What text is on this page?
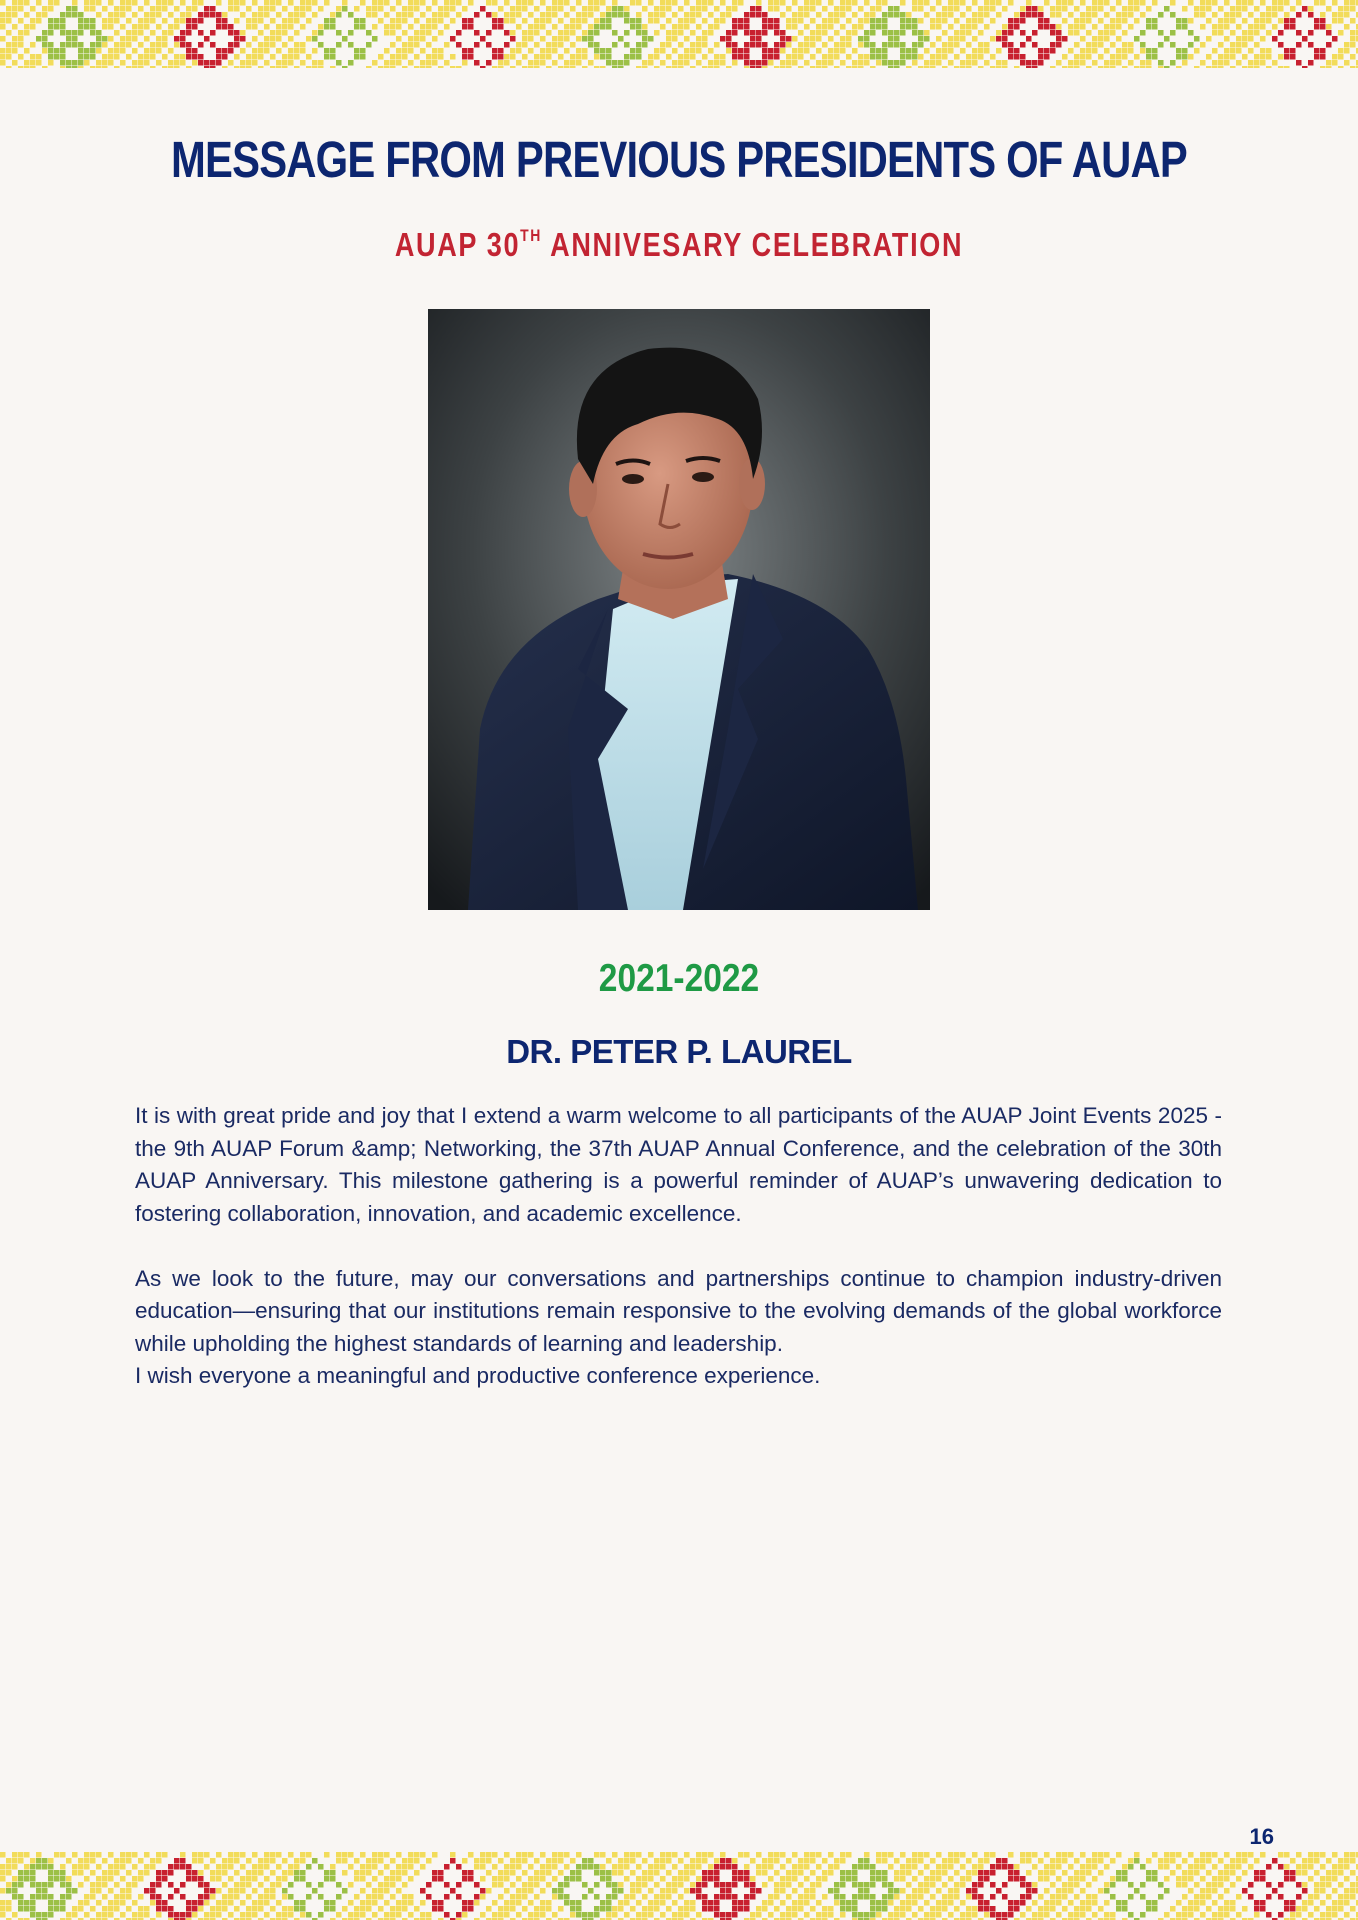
MESSAGE FROM PREVIOUS PRESIDENTS OF AUAP
AUAP 30TH ANNIVESARY CELEBRATION
2021-2022
DR. PETER P. LAUREL

It is with great pride and joy that I extend a warm welcome to all participants of the AUAP Joint Events 2025 - the 9th AUAP Forum &amp; Networking, the 37th AUAP Annual Conference, and the celebration of the 30th AUAP Anniversary. This milestone gathering is a powerful reminder of AUAP’s unwavering dedication to fostering collaboration, innovation, and academic excellence.

As we look to the future, may our conversations and partnerships continue to champion industry-driven education—ensuring that our institutions remain responsive to the evolving demands of the global workforce while upholding the highest standards of learning and leadership.

I wish everyone a meaningful and productive conference experience.

16
